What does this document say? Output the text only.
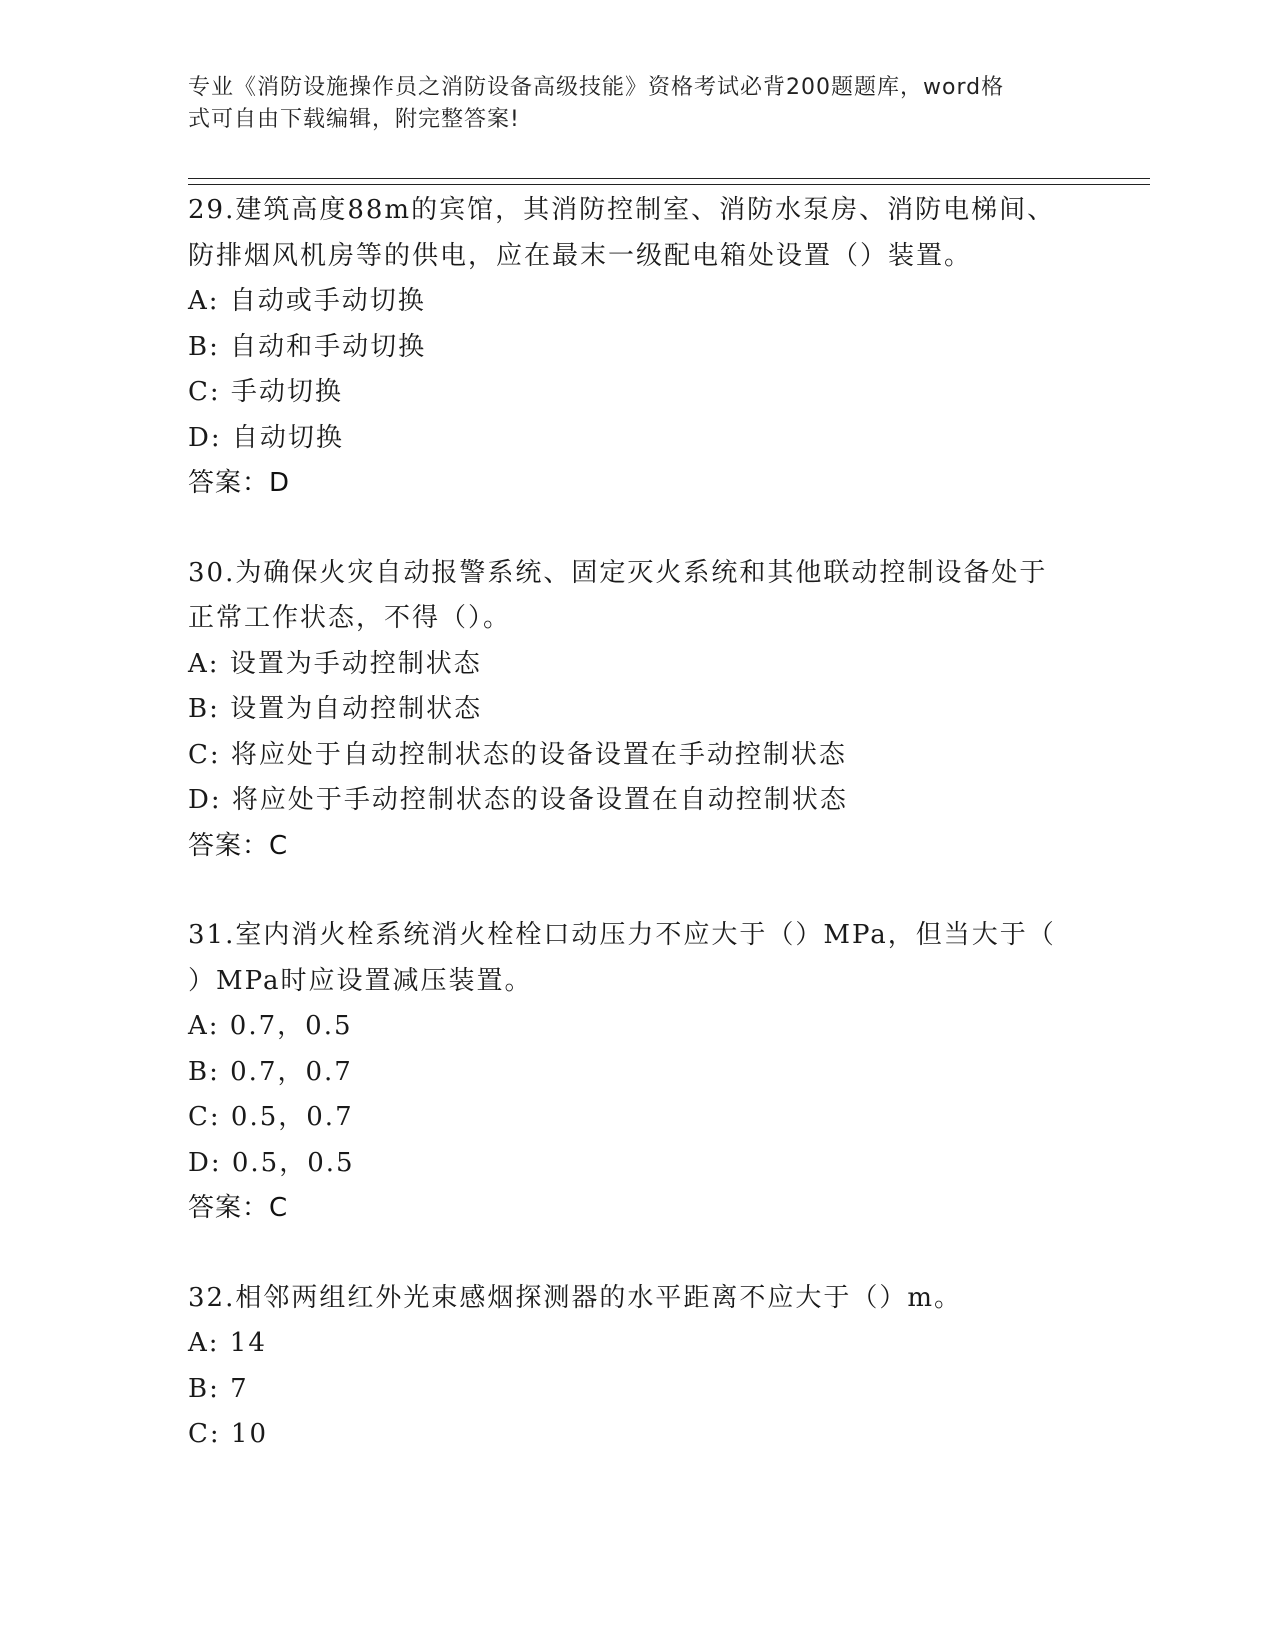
专业《消防设施操作员之消防设备高级技能》资格考试必背200题题库，word格
式可自由下载编辑，附完整答案!
29.建筑高度88m的宾馆，其消防控制室、消防水泵房、消防电梯间、
防排烟风机房等的供电，应在最末一级配电箱处设置（）装置。
A: 自动或手动切换
B: 自动和手动切换
C: 手动切换
D: 自动切换
答案：D
30.为确保火灾自动报警系统、固定灭火系统和其他联动控制设备处于
正常工作状态，不得（）。
A: 设置为手动控制状态
B: 设置为自动控制状态
C: 将应处于自动控制状态的设备设置在手动控制状态
D: 将应处于手动控制状态的设备设置在自动控制状态
答案：C
31.室内消火栓系统消火栓栓口动压力不应大于（）MPa，但当大于（
）MPa时应设置减压装置。
A: 0.7，0.5
B: 0.7，0.7
C: 0.5，0.7
D: 0.5，0.5
答案：C
32.相邻两组红外光束感烟探测器的水平距离不应大于（）m。
A: 14
B: 7
C: 10
